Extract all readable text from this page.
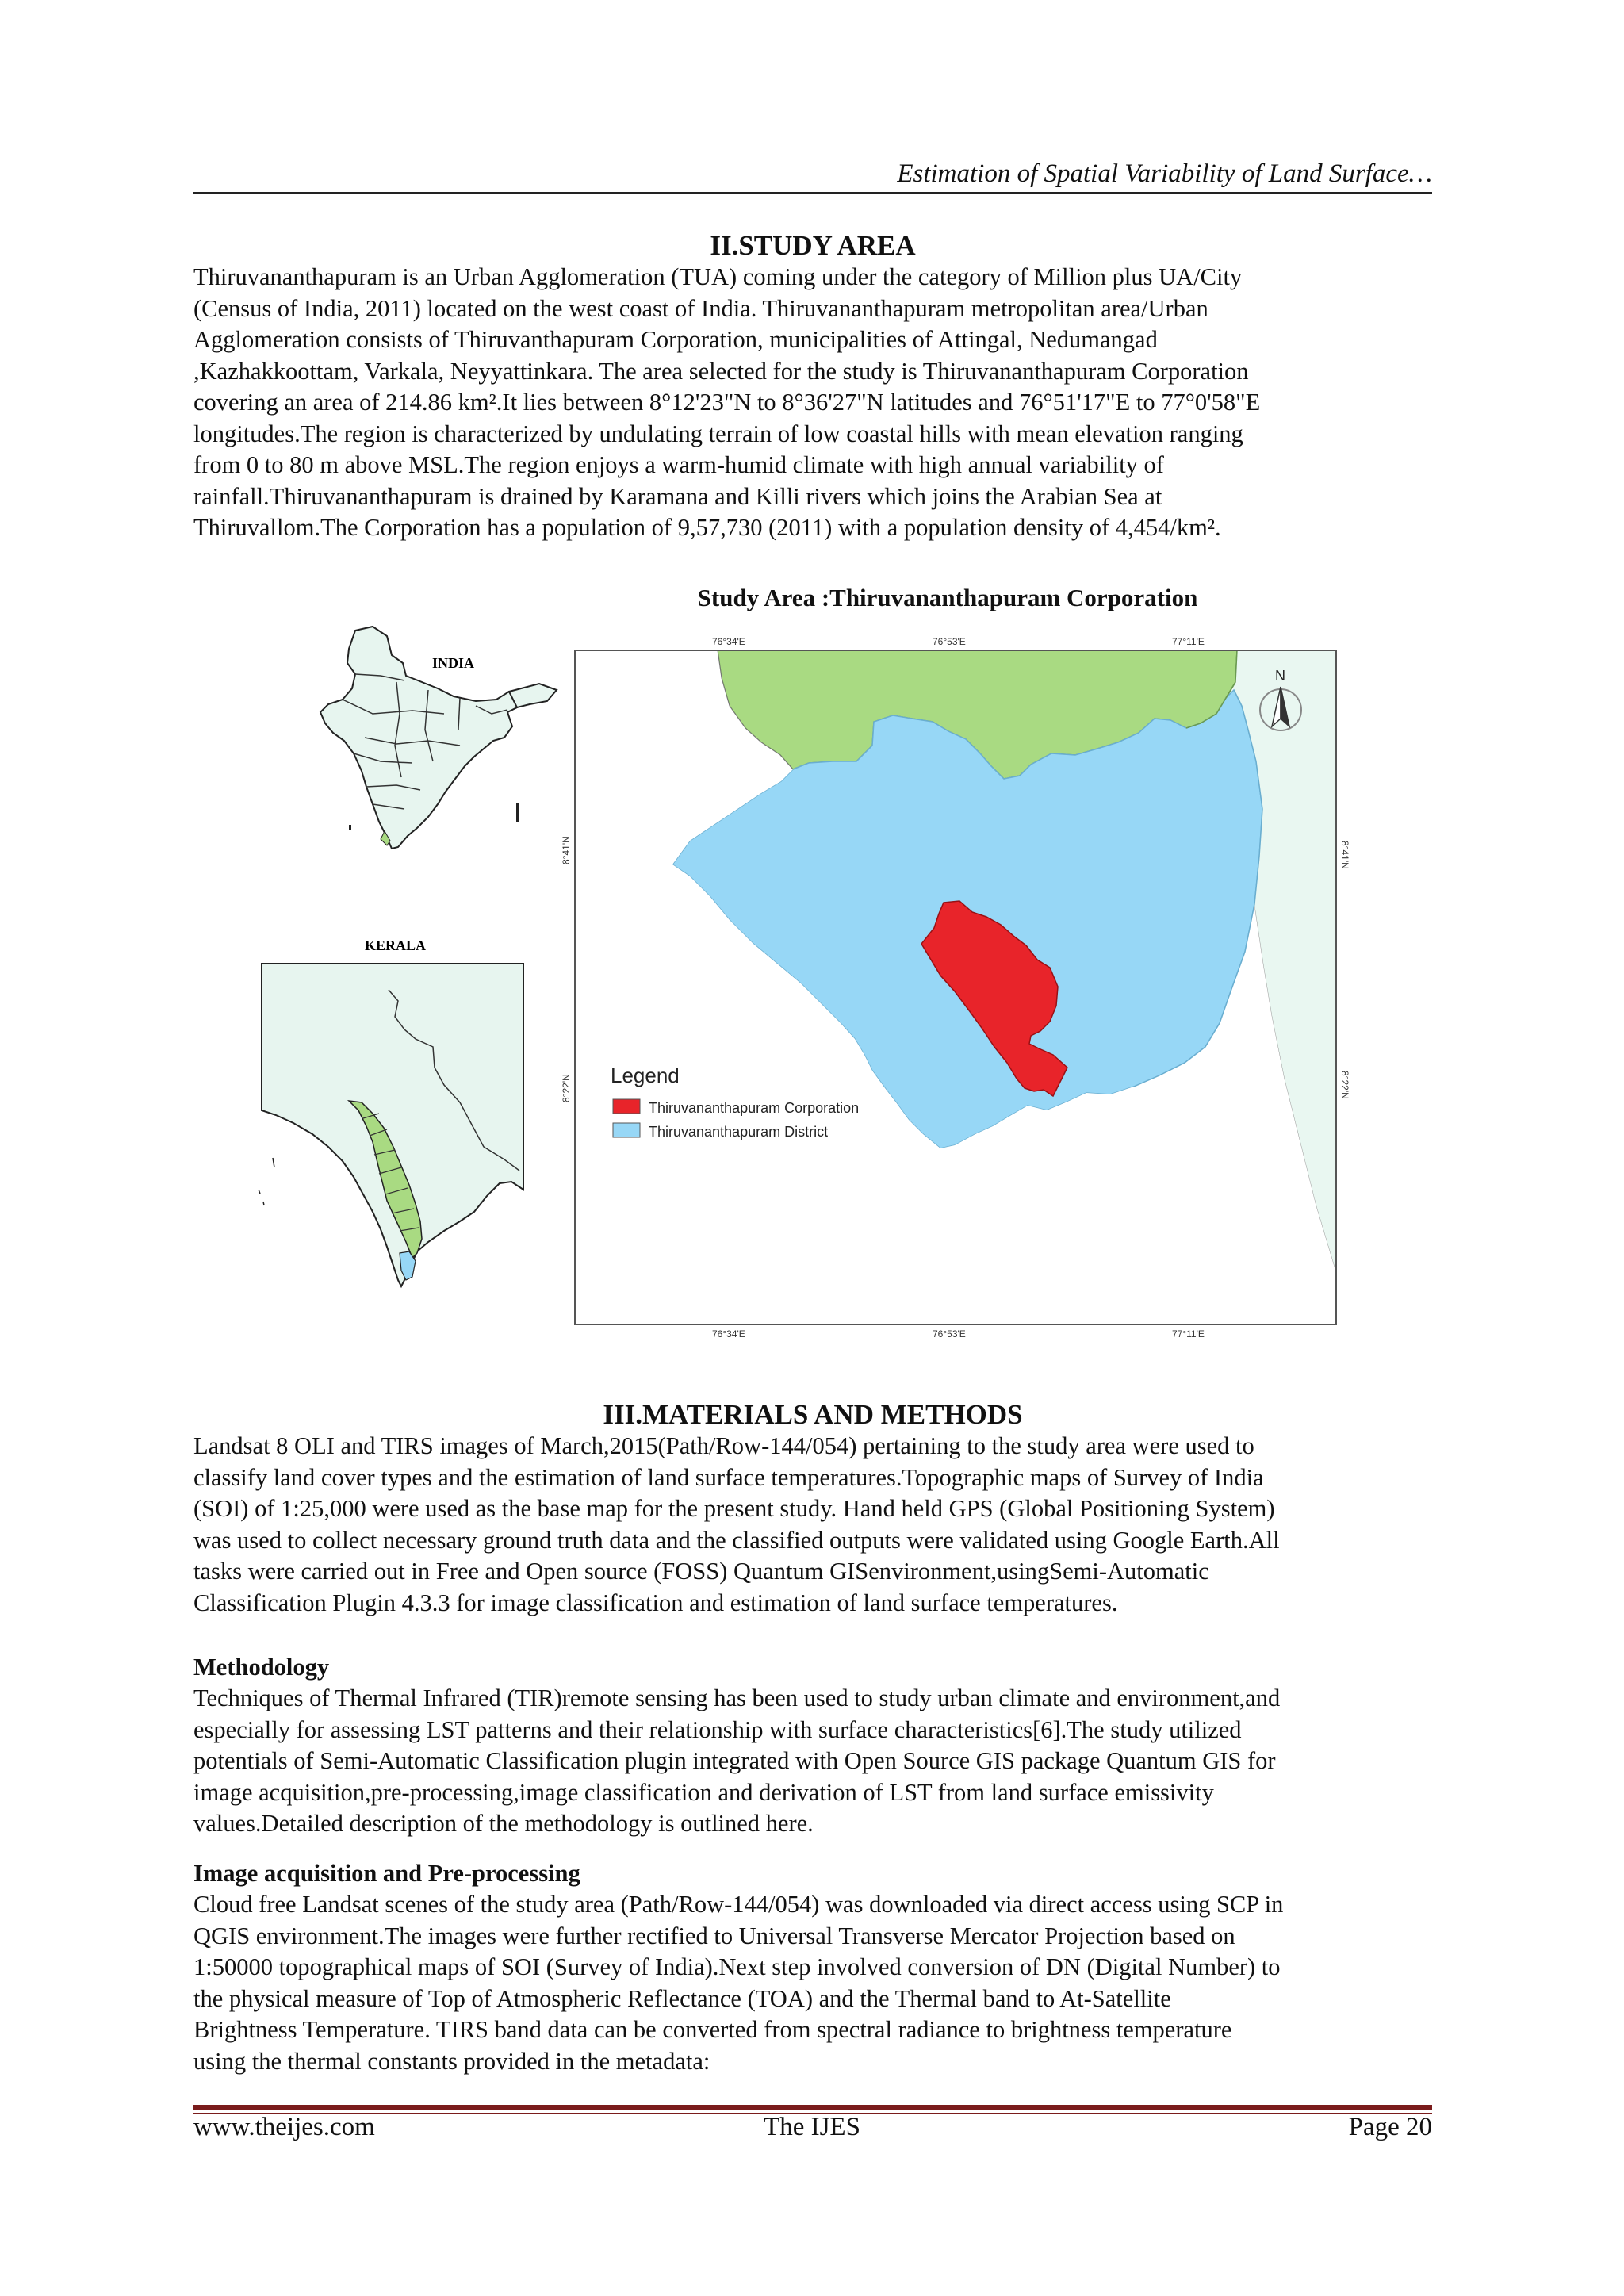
Estimation of Spatial Variability of Land Surface…
II.STUDY AREA
Thiruvananthapuram is an Urban Agglomeration (TUA) coming under the category of Million plus UA/City
(Census of India, 2011) located on the west coast of India. Thiruvananthapuram metropolitan area/Urban
Agglomeration consists of Thiruvanthapuram Corporation, municipalities of Attingal, Nedumangad
,Kazhakkoottam, Varkala, Neyyattinkara. The area selected for the study is Thiruvananthapuram Corporation
covering an area of 214.86 km².It lies between 8°12'23"N to 8°36'27"N latitudes and 76°51'17"E to 77°0'58"E
longitudes.The region is characterized by undulating terrain of low coastal hills with mean elevation ranging
from 0 to 80 m above MSL.The region enjoys a warm-humid climate with high annual variability of
rainfall.Thiruvananthapuram is drained by Karamana and Killi rivers which joins the Arabian Sea at
Thiruvallom.The Corporation has a population of 9,57,730 (2011) with a population density of 4,454/km².
Study Area :Thiruvananthapuram Corporation
INDIA
KERALA
76°34'E	76°53'E	77°11'E
76°34'E	76°53'E	77°11'E
8°41'N
8°22'N
8°41'N
8°22'N
N
Legend
Thiruvananthapuram Corporation
Thiruvananthapuram District
III.MATERIALS AND METHODS
Landsat 8 OLI and TIRS images of March,2015(Path/Row-144/054) pertaining to the study area were used to
classify land cover types and the estimation of land surface temperatures.Topographic maps of Survey of India
(SOI) of 1:25,000 were used as the base map for the present study. Hand held GPS (Global Positioning System)
was used to collect necessary ground truth data and the classified outputs were validated using Google Earth.All
tasks were carried out in Free and Open source (FOSS) Quantum GISenvironment,usingSemi-Automatic
Classification Plugin 4.3.3 for image classification and estimation of land surface temperatures.
Methodology
Techniques of Thermal Infrared (TIR)remote sensing has been used to study urban climate and environment,and
especially for assessing LST patterns and their relationship with surface characteristics[6].The study utilized
potentials of Semi-Automatic Classification plugin integrated with Open Source GIS package Quantum GIS for
image acquisition,pre-processing,image classification and derivation of LST from land surface emissivity
values.Detailed description of the methodology is outlined here.
Image acquisition and Pre-processing
Cloud free Landsat scenes of the study area (Path/Row-144/054) was downloaded via direct access using SCP in
QGIS environment.The images were further rectified to Universal Transverse Mercator Projection based on
1:50000 topographical maps of SOI (Survey of India).Next step involved conversion of DN (Digital Number) to
the physical measure of Top of Atmospheric Reflectance (TOA) and the Thermal band to At-Satellite
Brightness Temperature. TIRS band data can be converted from spectral radiance to brightness temperature
using the thermal constants provided in the metadata:
www.theijes.com	The IJES	Page 20
